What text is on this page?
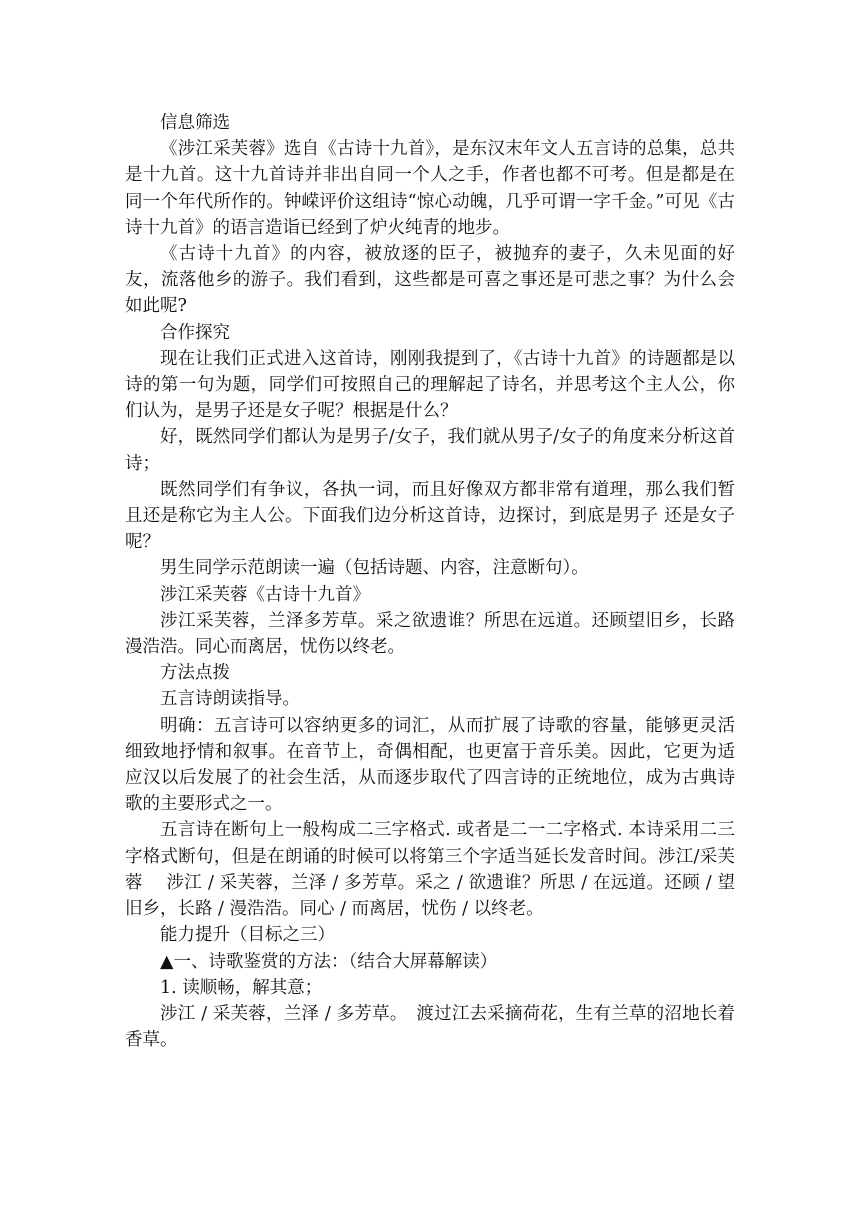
信息筛选

《涉江采芙蓉》选自《古诗十九首》，是东汉末年文人五言诗的总集，总共是十九首。这十九首诗并非出自同一个人之手，作者也都不可考。但是都是在同一个年代所作的。钟嵘评价这组诗“惊心动魄，几乎可谓一字千金。”可见《古诗十九首》的语言造诣已经到了炉火纯青的地步。

《古诗十九首》的内容，被放逐的臣子，被抛弃的妻子，久未见面的好友，流落他乡的游子。我们看到，这些都是可喜之事还是可悲之事？为什么会如此呢?

合作探究

现在让我们正式进入这首诗，刚刚我提到了，《古诗十九首》的诗题都是以诗的第一句为题，同学们可按照自己的理解起了诗名，并思考这个主人公，你们认为，是男子还是女子呢？根据是什么？

好，既然同学们都认为是男子/女子，我们就从男子/女子的角度来分析这首诗；

既然同学们有争议，各执一词，而且好像双方都非常有道理，那么我们暂且还是称它为主人公。下面我们边分析这首诗，边探讨，到底是男子 还是女子呢？

男生同学示范朗读一遍（包括诗题、内容，注意断句）。

涉江采芙蓉《古诗十九首》

涉江采芙蓉，兰泽多芳草。采之欲遗谁？所思在远道。还顾望旧乡，长路漫浩浩。同心而离居，忧伤以终老。

方法点拨

五言诗朗读指导。

明确：五言诗可以容纳更多的词汇，从而扩展了诗歌的容量，能够更灵活细致地抒情和叙事。在音节上，奇偶相配，也更富于音乐美。因此，它更为适应汉以后发展了的社会生活，从而逐步取代了四言诗的正统地位，成为古典诗歌的主要形式之一。

五言诗在断句上一般构成二三字格式. 或者是二一二字格式. 本诗采用二三字格式断句，但是在朗诵的时候可以将第三个字适当延长发音时间。涉江/采芙蓉　 涉江 / 采芙蓉，兰泽 / 多芳草。采之 / 欲遗谁？所思 / 在远道。还顾 / 望旧乡，长路 / 漫浩浩。同心 / 而离居，忧伤 / 以终老。

能力提升（目标之三）

▲一、诗歌鉴赏的方法：（结合大屏幕解读）

1. 读顺畅，解其意；

涉江 / 采芙蓉，兰泽 / 多芳草。　渡过江去采摘荷花，生有兰草的沼地长着香草。
